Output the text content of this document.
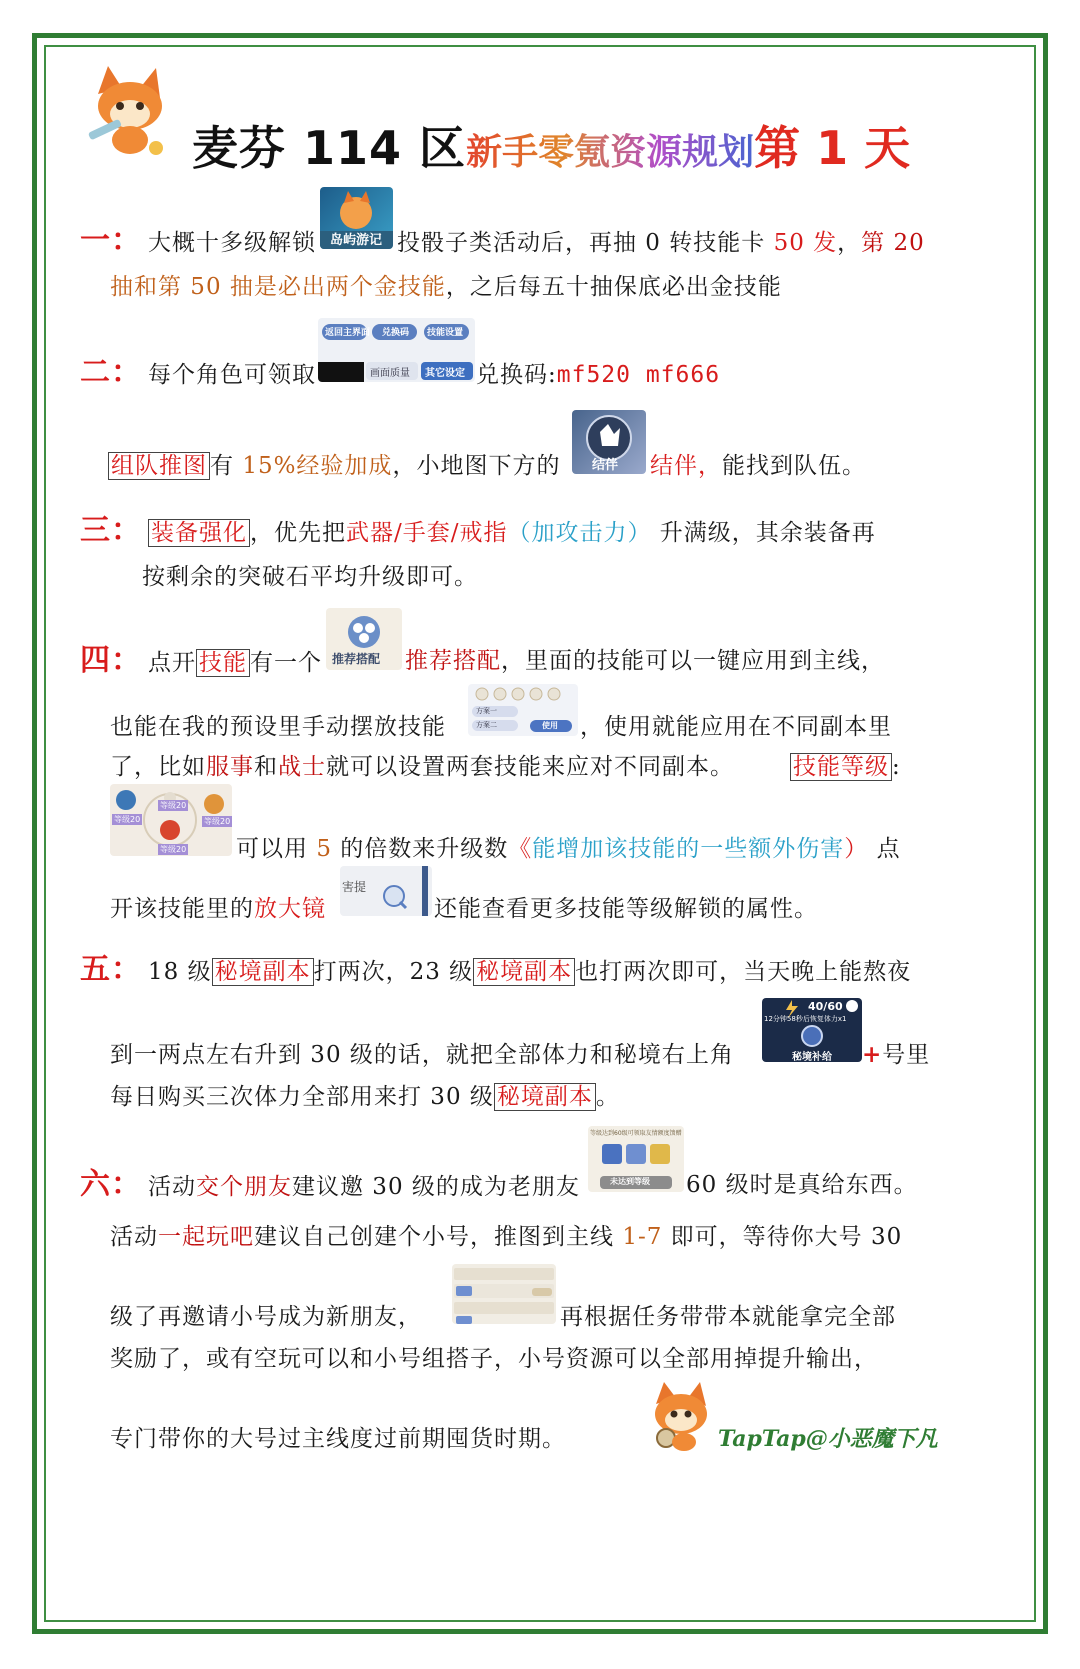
麦芬 114 区新手零氪资源规划第 1 天
岛屿游记
一： 大概十多级解锁	投骰子类活动后，再抽 0 转技能卡 50 发，第 20
抽和第 50 抽是必出两个金技能，之后每五十抽保底必出金技能
返回主界面 兑换码 技能设置
画面质量 其它设定
二： 每个角色可领取	兑换码:mf520 mf666
结伴
组队推图 有 15%经验加成，小地图下方的	结伴，能找到队伍。
三： 装备强化 ，优先把武器/手套/戒指（加攻击力） 升满级，其余装备再
按剩余的突破石平均升级即可。
推荐搭配
四： 点开 技能 有一个	推荐搭配，里面的技能可以一键应用到主线，
方案一
方案二	使用
也能在我的预设里手动摆放技能	，使用就能应用在不同副本里
了，比如服事和战士就可以设置两套技能来应对不同副本。	技能等级 :
等级20
等级20
等级20
等级20 可以用 5 的倍数来升级数《能增加该技能的一些额外伤害） 点
害提
开该技能里的放大镜	还能查看更多技能等级解锁的属性。
五： 18 级 秘境副本 打两次，23 级 秘境副本 也打两次即可，当天晚上能熬夜
40/60
12分钟58秒后恢复体力x1
秘境补给
到一两点左右升到 30 级的话，就把全部体力和秘境右上角	+号里
每日购买三次体力全部用来打 30 级 秘境副本 。
等级达到60级可领取友情额度馈赠
未达到等级
六： 活动交个朋友建议邀 30 级的成为老朋友	60 级时是真给东西。
活动一起玩吧建议自己创建个小号，推图到主线 1-7 即可，等待你大号 30
级了再邀请小号成为新朋友，	再根据任务带带本就能拿完全部
奖励了，或有空玩可以和小号组搭子，小号资源可以全部用掉提升输出，
专门带你的大号过主线度过前期囤货时期。	TapTap@小恶魔下凡
